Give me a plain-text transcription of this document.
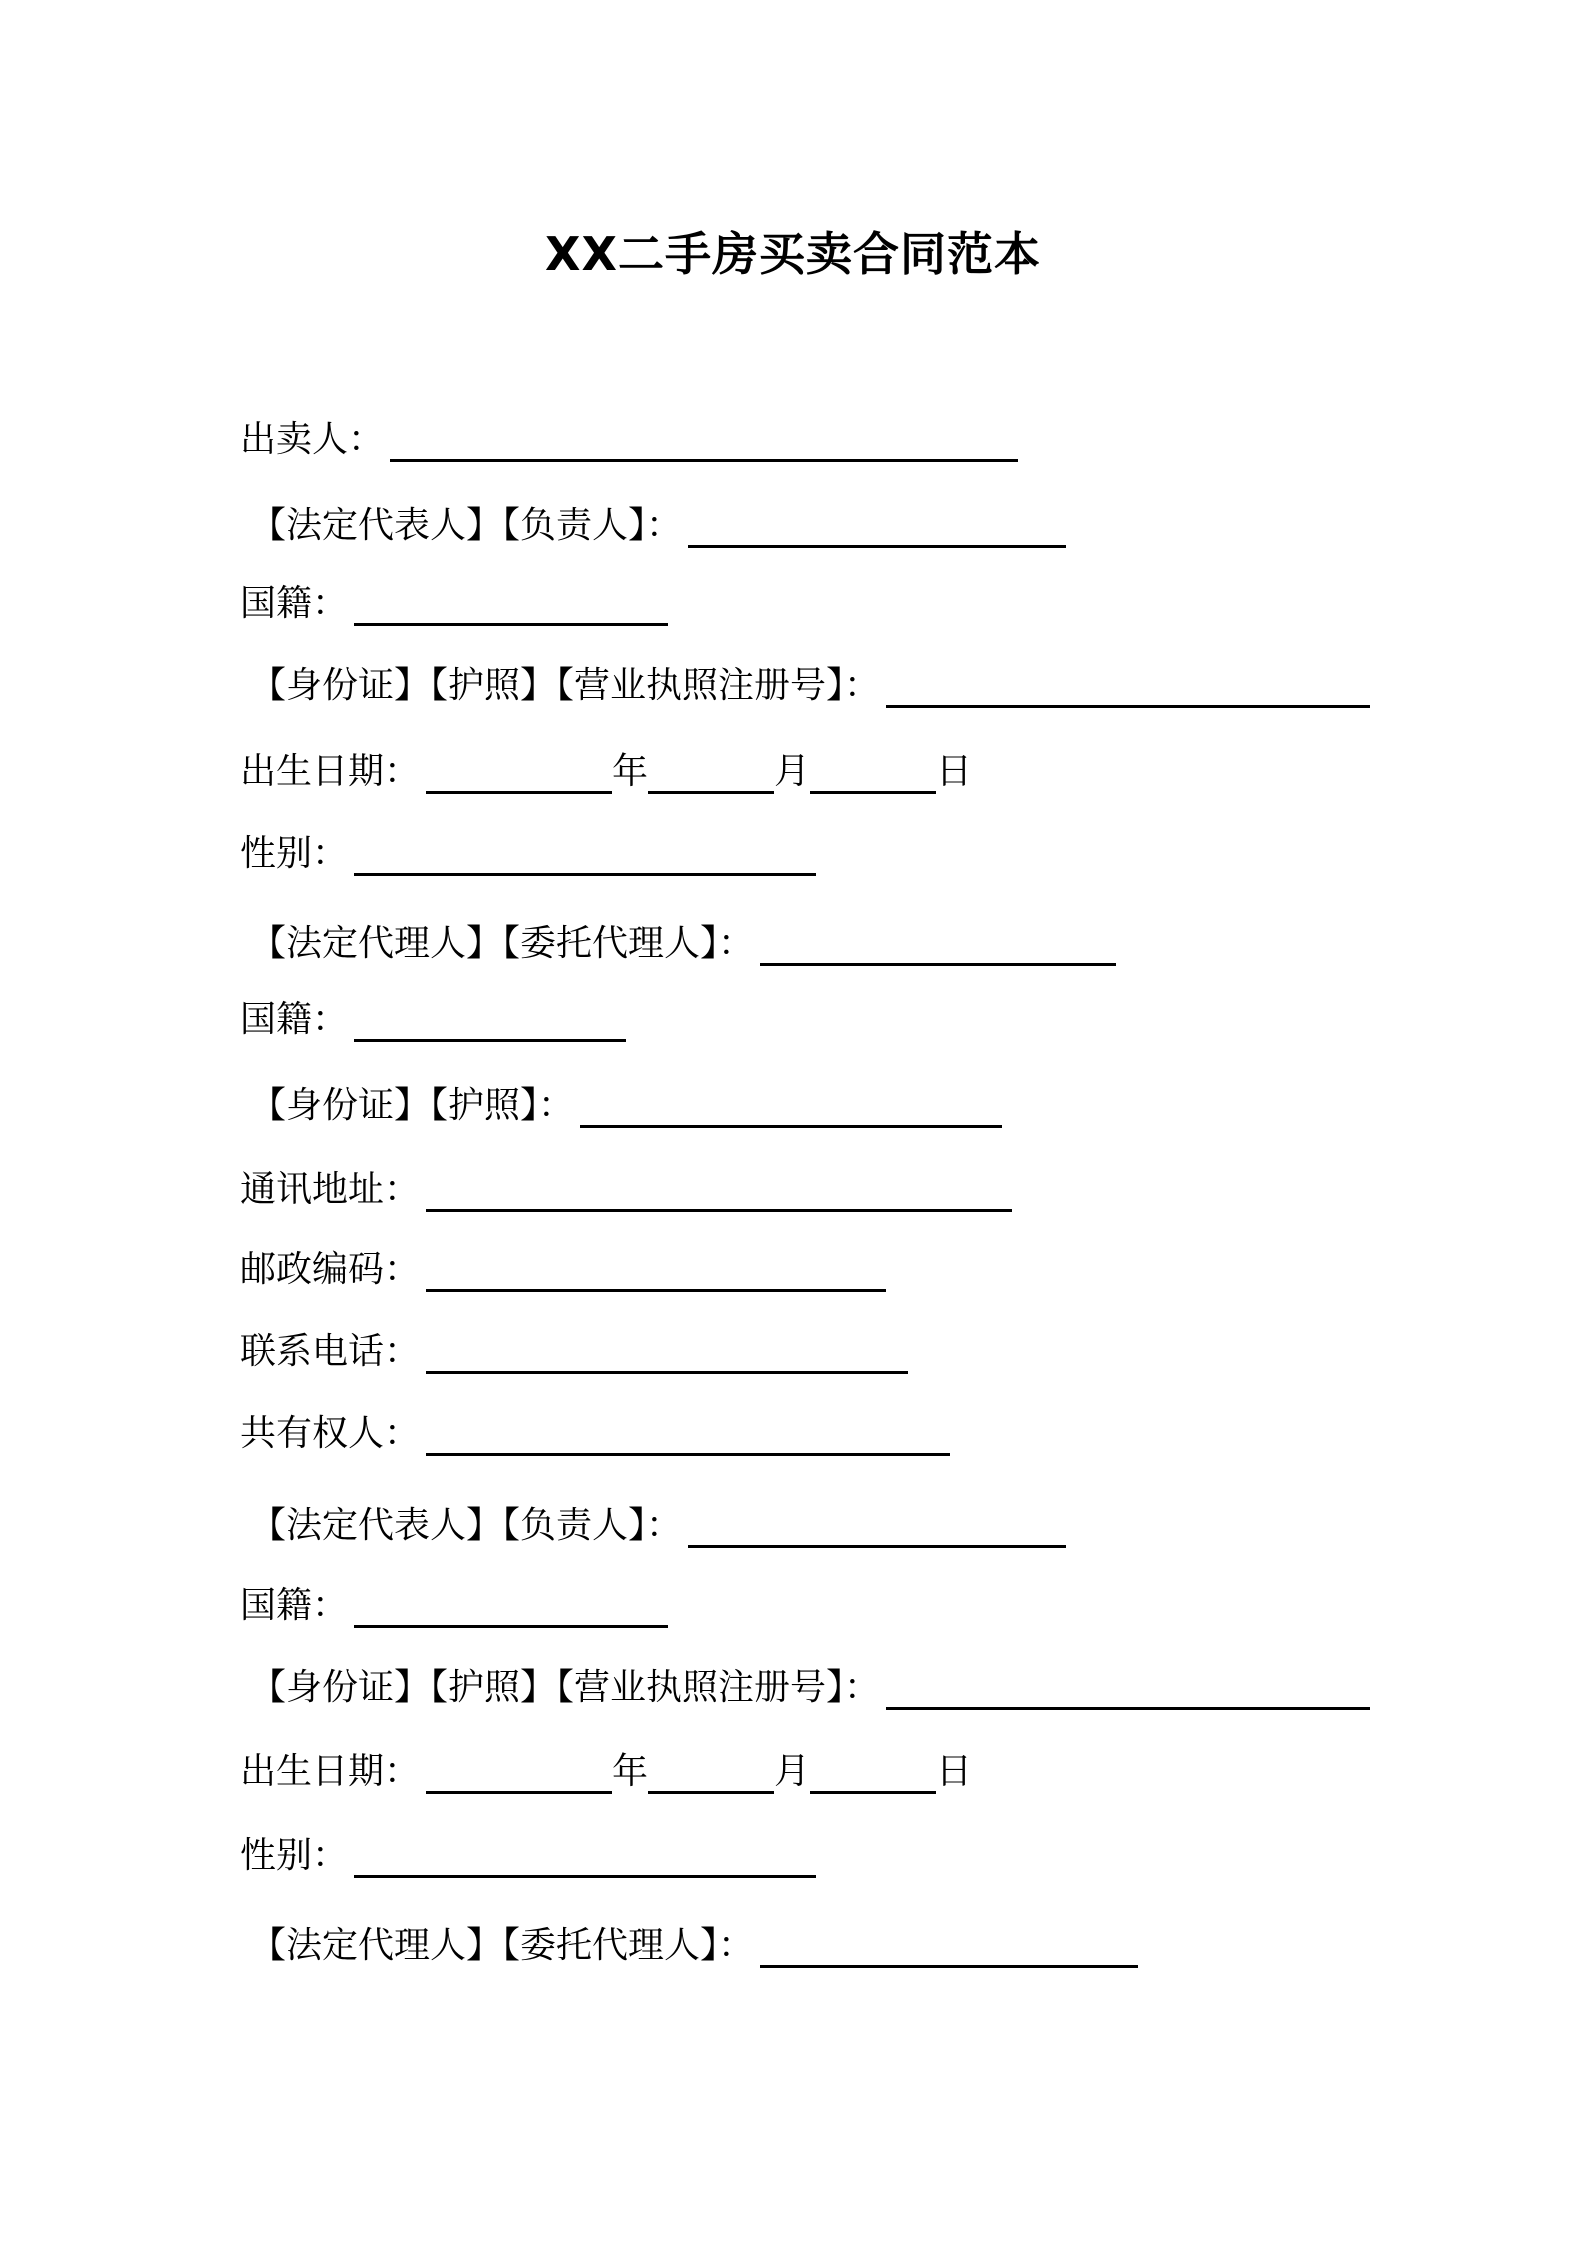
XX二手房买卖合同范本
出卖人：
【法定代表人】【负责人】：
国籍：
【身份证】【护照】【营业执照注册号】：
出生日期：	年	月	日
性别：
【法定代理人】【委托代理人】：
国籍：
【身份证】【护照】：
通讯地址：
邮政编码：
联系电话：
共有权人：
【法定代表人】【负责人】：
国籍：
【身份证】【护照】【营业执照注册号】：
出生日期：	年	月	日
性别：
【法定代理人】【委托代理人】：
